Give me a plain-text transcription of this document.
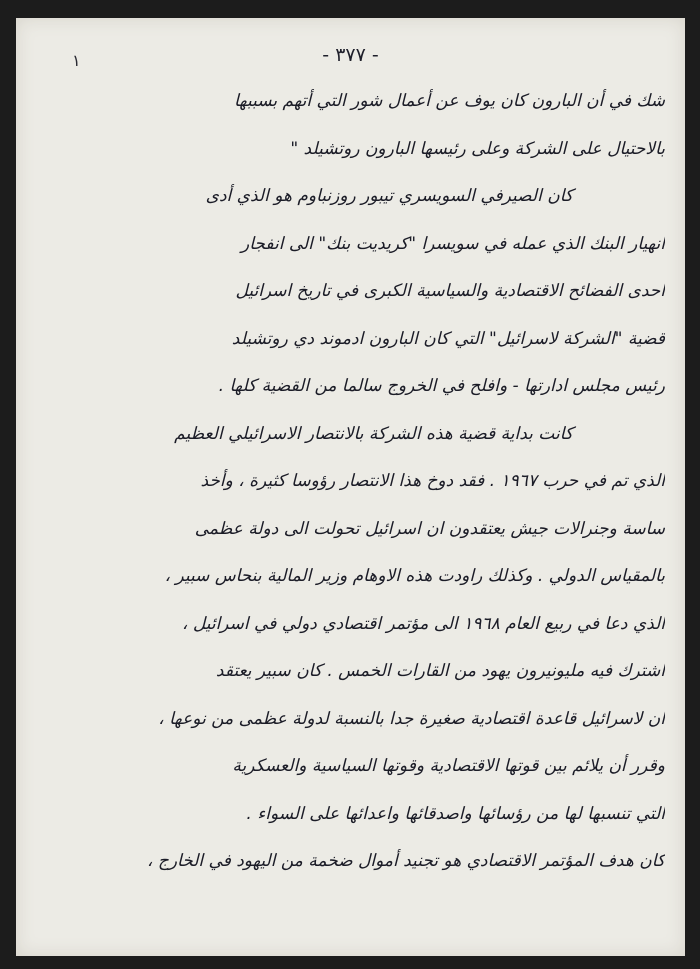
١	- ٣٧٧ -
شك في أن البارون كان يوف عن أعمال شور التي أتهم بسببها
بالاحتيال على الشركة وعلى رئيسها البارون روتشيلد "
كان الصيرفي السويسري تيبور روزنباوم هو الذي أدى
انهيار البنك الذي عمله في سويسرا "كريديت بنك" الى انفجار
احدى الفضائح الاقتصادية والسياسية الكبرى في تاريخ اسرائيل
قضية "الشركة لاسرائيل" التي كان البارون ادموند دي روتشيلد
رئيس مجلس ادارتها - وافلح في الخروج سالما من القضية كلها .
كانت بداية قضية هذه الشركة بالانتصار الاسرائيلي العظيم
الذي تم في حرب ١٩٦٧ . فقد دوخ هذا الانتصار رؤوسا كثيرة ، وأخذ
ساسة وجنرالات جيش يعتقدون ان اسرائيل تحولت الى دولة عظمى
بالمقياس الدولي . وكذلك راودت هذه الاوهام وزير المالية بنحاس سبير ،
الذي دعا في ربيع العام ١٩٦٨ الى مؤتمر اقتصادي دولي في اسرائيل ،
اشترك فيه مليونيرون يهود من القارات الخمس . كان سبير يعتقد
ان لاسرائيل قاعدة اقتصادية صغيرة جدا بالنسبة لدولة عظمى من نوعها ،
وقرر أن يلائم بين قوتها الاقتصادية وقوتها السياسية والعسكرية
التي تنسبها لها من رؤسائها واصدقائها واعدائها على السواء .
كان هدف المؤتمر الاقتصادي هو تجنيد أموال ضخمة من اليهود في الخارج ،
